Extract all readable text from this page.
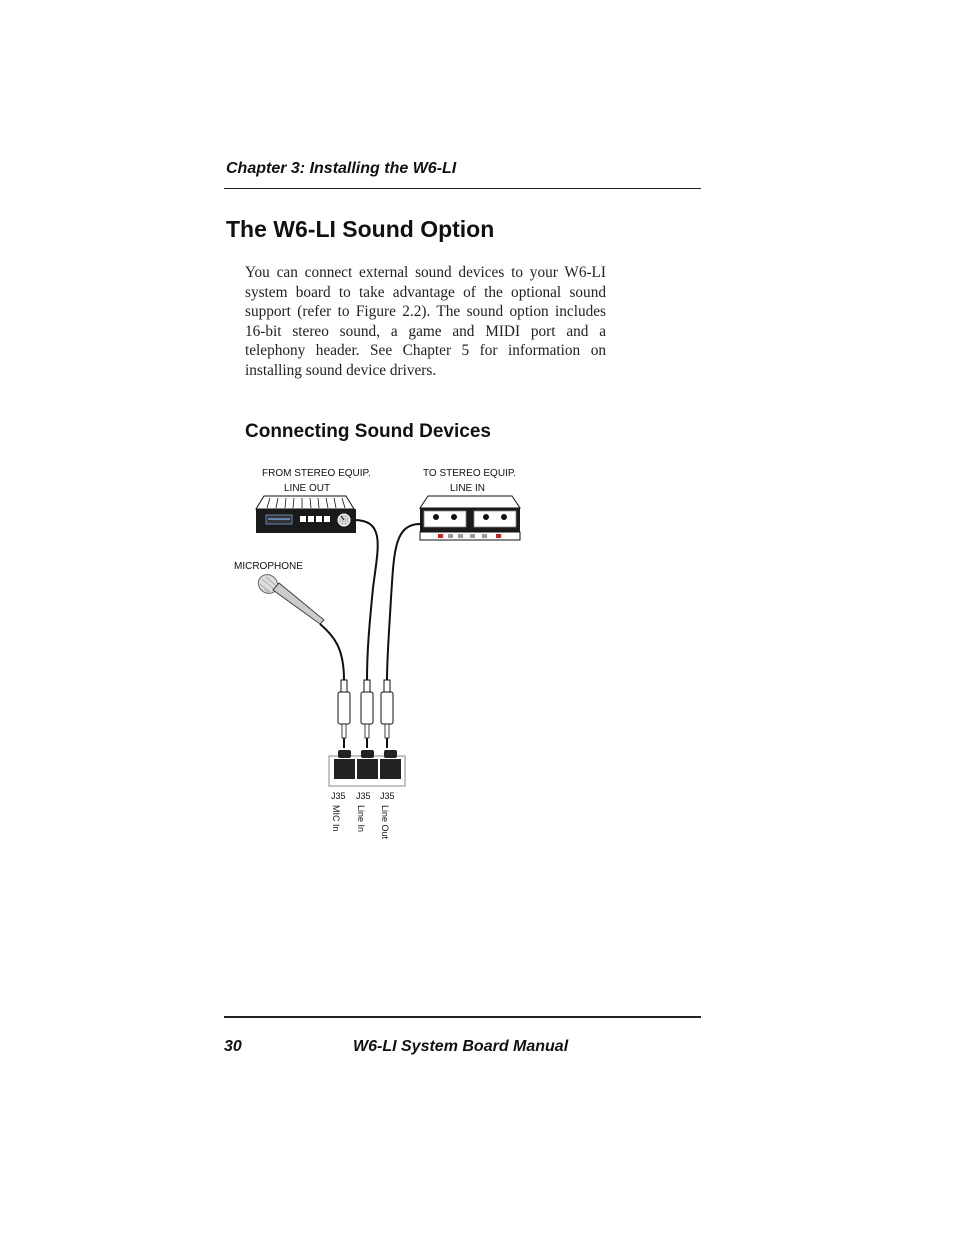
Chapter 3: Installing the W6-LI
The W6-LI Sound Option

You can connect external sound devices to your W6-LI system board to take advantage of the optional sound support (refer to Figure 2.2). The sound option includes 16-bit stereo sound, a game and MIDI port and a telephony header. See Chapter 5 for information on installing sound device drivers.

Connecting Sound Devices
FROM STEREO EQUIP.
LINE OUT
TO STEREO EQUIP.
LINE IN
MICROPHONE
J35 J35 J35
MIC In Line In Line Out
30	W6-LI System Board Manual
